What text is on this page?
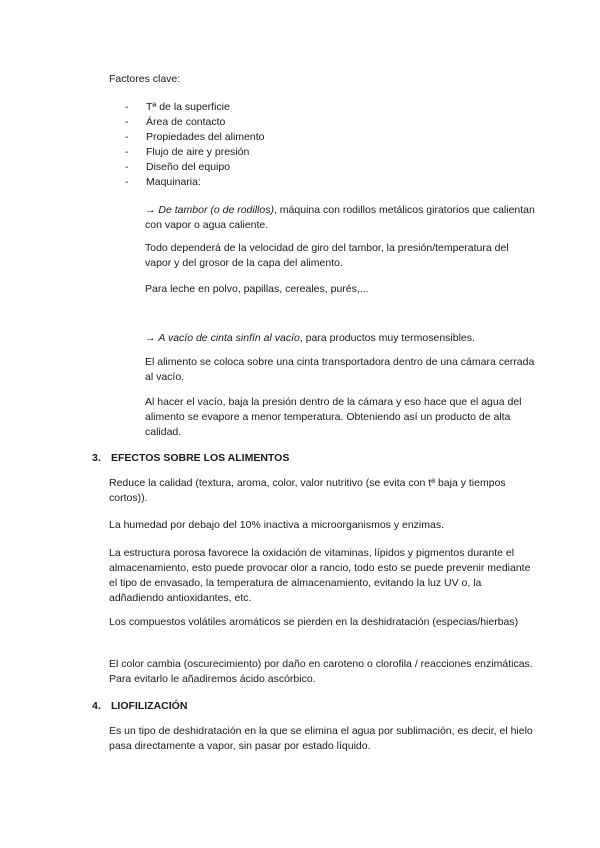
Factores clave:

- Tª de la superficie
- Área de contacto
- Propiedades del alimento
- Flujo de aire y presión
- Diseño del equipo
- Maquinaria:

→ De tambor (o de rodillos), máquina con rodillos metálicos giratorios que calientan con vapor o agua caliente.

Todo dependerá de la velocidad de giro del tambor, la presión/temperatura del vapor y del grosor de la capa del alimento.

Para leche en polvo, papillas, cereales, purés,...

→ A vacío de cinta sinfín al vacío, para productos muy termosensibles.

El alimento se coloca sobre una cinta transportadora dentro de una cámara cerrada al vacío.

Al hacer el vacío, baja la presión dentro de la cámara y eso hace que el agua del alimento se evapore a menor temperatura. Obteniendo así un producto de alta calidad.

3. EFECTOS SOBRE LOS ALIMENTOS

Reduce la calidad (textura, aroma, color, valor nutritivo (se evita con tª baja y tiempos cortos)).

La humedad por debajo del 10% inactiva a microorganismos y enzimas.

La estructura porosa favorece la oxidación de vitaminas, lípidos y pigmentos durante el almacenamiento, esto puede provocar olor a rancio, todo esto se puede prevenir mediante el tipo de envasado, la temperatura de almacenamiento, evitando la luz UV o, la adñadiendo antioxidantes, etc.

Los compuestos volátiles aromáticos se pierden en la deshidratación (especias/hierbas)

El color cambia (oscurecimiento) por daño en caroteno o clorofila / reacciones enzimáticas. Para evitarlo le añadiremos ácido ascórbico.

4. LIOFILIZACIÓN

Es un tipo de deshidratación en la que se elimina el agua por sublimación, es decir, el hielo pasa directamente a vapor, sin pasar por estado líquido.
